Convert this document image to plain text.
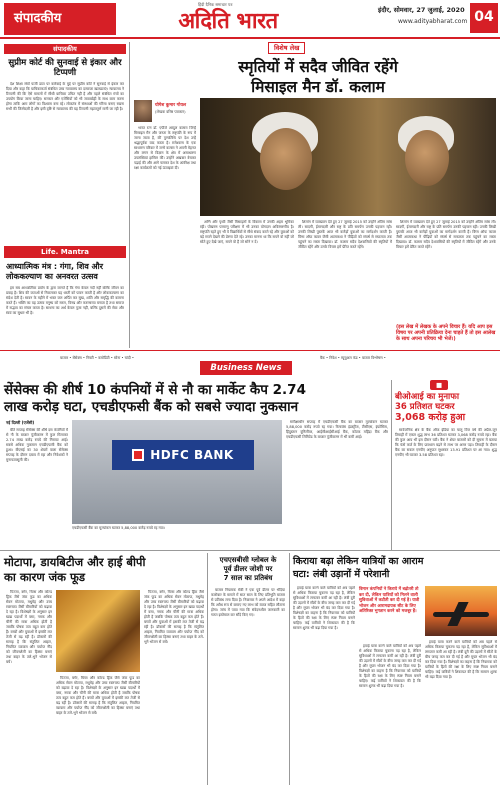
संपादकीय
हिंदी दैनिक समाचार पत्र
अदिति भारत	इंदौर, सोमवार, 27 जुलाई, 2020
www.adityabharat.com 04
संपादकीय
सुप्रीम कोर्ट की सुनवाई से इंकार और टिप्पणी

देश शिक्षा संघों फर्जी डाटा पर कार्रवाई के मुद्दे पर सुप्रीम कोर्ट ने सुनवाई से इंकार कर दिया और कहा कि याचिकाकर्ता संबंधित उच्च न्यायालय का दरवाजा खटखटाएं। न्यायालय ने टिप्पणी की कि ऐसे मामलों में सीधी याचिका उचित नहीं है और पहले संबंधित मंचों का उपयोग किया जाना चाहिए। सरकार और एजेंसियों को भी जवाबदेही के साथ काम करना होगा ताकि आम लोगों का विश्वास बना रहे। लोकतंत्र में संस्थाओं की गरिमा बनाए रखना सभी की जिम्मेदारी है और इसी दृष्टि से न्यायालय की यह टिप्पणी महत्वपूर्ण मानी जा रही है।

Life. Mantra
आध्यात्मिक मंत्र : गंगा, शिव और लोककल्याण का अनवरत उत्सव

हम सब आध्यात्मिक प्रयोग के द्वारा जानते हैं कि गंगा केवल नदी नहीं बल्कि जीवन का प्रवाह है। शिव की जटाओं से निकलकर यह धरती को पावन करती है और लोककल्याण का संदेश देती है। सावन के महीने में भक्त जल अर्पित कर सुख, शांति और समृद्धि की कामना करते हैं। भक्ति का यह उत्सव मनुष्य को सरल, विनम्र और करुणामय बनाता है तथा समाज में सद्भाव का संचार करता है। साधना का अर्थ केवल पूजा नहीं, बल्कि दूसरों की सेवा और स्वयं का सुधार भी है।

विशेष लेख
स्मृतियों में सदैव जीवित रहेंगे
मिसाइल मैन डॉ. कलाम
योगेश कुमार गोयल
(लेखक वरिष्ठ पत्रकार)

भारत रत्न डॉ. एपीजे अब्दुल कलाम जिन्हें मिसाइल मैन और जनता के राष्ट्रपति के रूप में जाना जाता है, की पुण्यतिथि पर देश उन्हें श्रद्धापूर्वक याद करता है। रामेश्वरम के एक साधारण परिवार में जन्मे कलाम ने अपनी मेहनत और लगन से विज्ञान के क्षेत्र में असाधारण उपलब्धियां हासिल कीं। उन्होंने अखबार बेचकर पढ़ाई की और आगे चलकर देश के अंतरिक्ष तथा रक्षा कार्यक्रमों को नई ऊंचाइयां दीं।

अग्नि और पृथ्वी जैसी मिसाइलों के विकास में उनकी अहम भूमिका रही। पोखरण परमाणु परीक्षण में भी उनका योगदान अविस्मरणीय है। राष्ट्रपति रहते हुए भी वे विद्यार्थियों से सीधे संवाद करते रहे और युवाओं को बड़े सपने देखने की प्रेरणा देते रहे। उनका मानना था कि सपने वो नहीं जो सोते हुए देखे जाएं, सपने वो हैं जो सोने न दें।

शिलांग में व्याख्यान देते हुए 27 जुलाई 2015 को उन्होंने अंतिम सांस ली। सादगी, ईमानदारी और राष्ट्र के प्रति समर्पण उनकी पहचान रही। उनकी लिखी पुस्तकें आज भी करोड़ों युवाओं का मार्गदर्शन करती हैं। विंग्स ऑफ फायर जैसी आत्मकथा ने पीढ़ियों को संघर्ष से सफलता तक पहुंचने का रास्ता दिखाया। डॉ. कलाम सदैव देशवासियों की स्मृतियों में जीवित रहेंगे और उनके विचार हमें प्रेरित करते रहेंगे।

शिलांग में व्याख्यान देते हुए 27 जुलाई 2015 को उन्होंने अंतिम सांस ली। सादगी, ईमानदारी और राष्ट्र के प्रति समर्पण उनकी पहचान रही। उनकी लिखी पुस्तकें आज भी करोड़ों युवाओं का मार्गदर्शन करती हैं। विंग्स ऑफ फायर जैसी आत्मकथा ने पीढ़ियों को संघर्ष से सफलता तक पहुंचने का रास्ता दिखाया। डॉ. कलाम सदैव देशवासियों की स्मृतियों में जीवित रहेंगे और उनके विचार हमें प्रेरित करते रहेंगे।

(इस लेख में लेखक के अपने विचार हैं। यदि आप इस विषय पर अपनी प्रतिक्रिया देना चाहते हैं तो इस आलेख के साथ अपना परिचय भी भेजें।)
बाजार • सेंसेक्स • निफ्टी • कमोडिटी • सोना • चांदी •
Business News
बैंक • निवेश • म्यूचुअल फंड • बाजार विश्लेषण •
सेंसेक्स की शीर्ष 10 कंपनियों में से नौ का मार्केट कैप 2.74
लाख करोड़ घटा, एचडीएफसी बैंक को सबसे ज्यादा नुकसान
नई दिल्ली (एजेंसी)

बीते सप्ताह सेंसेक्स की शीर्ष दस कंपनियों में से नौ के बाजार पूंजीकरण में कुल मिलाकर 2.74 लाख करोड़ रुपये की गिरावट आई। सबसे अधिक नुकसान एचडीएफसी बैंक को हुआ। बीएसई का 30 शेयरों वाला सेंसेक्स सप्ताह के दौरान दबाव में रहा और निवेशकों ने मुनाफावसूली की।	HDFC BANK
एचडीएफसी बैंक का मूल्यांकन घटकर 5,88,000 करोड़ रुपये रह गया।

समीक्षाधीन सप्ताह में एचडीएफसी बैंक का बाजार मूल्यांकन घटकर 5,88,000 करोड़ रुपये रह गया। रिलायंस इंडस्ट्रीज, टीसीएस, इंफोसिस, हिंदुस्तान यूनिलीवर, आईसीआईसीआई बैंक, कोटक महिंद्रा बैंक और एचडीएफसी लिमिटेड के बाजार पूंजीकरण में भी कमी आई।

■
बीओआई का मुनाफा
36 प्रतिशत घटकर
3,068 करोड़ हुआ

सार्वजनिक क्षेत्र के बैंक ऑफ इंडिया का चालू वित्त वर्ष की अप्रैल-जून तिमाही में एकल शुद्ध लाभ 36 प्रतिशत घटकर 3,068 करोड़ रुपये रहा। बैंक की कुल आय भी इस दौरान घटी। बैंक ने शेयर बाजारों को दी सूचना में बताया कि फंसे कर्ज के लिए प्रावधान बढ़ने से लाभ पर असर पड़ा। तिमाही के दौरान बैंक का सकल एनपीए अनुपात सुधरकर 13.91 प्रतिशत पर आ गया। शुद्ध एनपीए भी घटकर 3.58 प्रतिशत रहा।

मोटापा, डायबिटीज और हाई बीपी
का कारण जंक फूड

पिज्जा, बर्गर, चिप्स और कोल्ड ड्रिंक जैसे जंक फूड का अधिक सेवन मोटापा, मधुमेह और उच्च रक्तचाप जैसी बीमारियों को बढ़ावा दे रहा है। विशेषज्ञों के अनुसार इन खाद्य पदार्थों में वसा, नमक और चीनी की मात्रा अधिक होती है जबकि पोषक तत्व बहुत कम होते हैं। बच्चों और युवाओं में इसकी लत तेजी से बढ़ रही है। डॉक्टरों की सलाह है कि संतुलित आहार, नियमित व्यायाम और पर्याप्त नींद को जीवनशैली का हिस्सा बनाएं तथा बाहर के तले-भुने भोजन से बचें।

पिज्जा, बर्गर, चिप्स और कोल्ड ड्रिंक जैसे जंक फूड का अधिक सेवन मोटापा, मधुमेह और उच्च रक्तचाप जैसी बीमारियों को बढ़ावा दे रहा है। विशेषज्ञों के अनुसार इन खाद्य पदार्थों में वसा, नमक और चीनी की मात्रा अधिक होती है जबकि पोषक तत्व बहुत कम होते हैं। बच्चों और युवाओं में इसकी लत तेजी से बढ़ रही है। डॉक्टरों की सलाह है कि संतुलित आहार, नियमित व्यायाम और पर्याप्त नींद को जीवनशैली का हिस्सा बनाएं तथा बाहर के तले-भुने भोजन से बचें।

पिज्जा, बर्गर, चिप्स और कोल्ड ड्रिंक जैसे जंक फूड का अधिक सेवन मोटापा, मधुमेह और उच्च रक्तचाप जैसी बीमारियों को बढ़ावा दे रहा है। विशेषज्ञों के अनुसार इन खाद्य पदार्थों में वसा, नमक और चीनी की मात्रा अधिक होती है जबकि पोषक तत्व बहुत कम होते हैं। बच्चों और युवाओं में इसकी लत तेजी से बढ़ रही है। डॉक्टरों की सलाह है कि संतुलित आहार, नियमित व्यायाम और पर्याप्त नींद को जीवनशैली का हिस्सा बनाएं तथा बाहर के तले-भुने भोजन से बचें।

एचएसबीसी ग्लोबल के
पूर्व डीलर जोशी पर
7 साल का प्रतिबंध

बाजार नियामक सेबी ने एक पूर्व डीलर पर भेदिया कारोबार के मामले में सात साल के लिए प्रतिभूति बाजार से प्रतिबंध लगा दिया है। नियामक ने अपने आदेश में कहा कि अवैध रूप से कमाए गए लाभ को ब्याज सहित लौटाना होगा। जांच में पाया गया कि संवेदनशील जानकारी का गलत इस्तेमाल कर सौदे किए गए।

किराया बढ़ा लेकिन यात्रियों का आराम
घटा: लंबी उड़ानों में परेशानी

हवाई यात्रा करने वाले यात्रियों को अब पहले से अधिक किराया चुकाना पड़ रहा है, लेकिन सुविधाओं में लगातार कमी आ रही है। लंबी दूरी की उड़ानों में सीटों के बीच जगह कम कर दी गई है और मुफ्त भोजन भी बंद कर दिया गया है। विशेषज्ञों का कहना है कि नियामक को यात्रियों के हितों की रक्षा के लिए स्पष्ट नियम बनाने चाहिए। कई यात्रियों ने शिकायत की है कि सामान शुल्क भी बढ़ा दिया गया है।

विमान कंपनियों ने किराये में बढ़ोतरी तो कर दी, लेकिन यात्रियों को मिलने वाली सुविधाओं में कटौती कर दी गई है। यात्री भोजन और आरामदायक सीट के लिए अतिरिक्त भुगतान करने को मजबूर हैं।

हवाई यात्रा करने वाले यात्रियों को अब पहले से अधिक किराया चुकाना पड़ रहा है, लेकिन सुविधाओं में लगातार कमी आ रही है। लंबी दूरी की उड़ानों में सीटों के बीच जगह कम कर दी गई है और मुफ्त भोजन भी बंद कर दिया गया है। विशेषज्ञों का कहना है कि नियामक को यात्रियों के हितों की रक्षा के लिए स्पष्ट नियम बनाने चाहिए। कई यात्रियों ने शिकायत की है कि सामान शुल्क भी बढ़ा दिया गया है।

हवाई यात्रा करने वाले यात्रियों को अब पहले से अधिक किराया चुकाना पड़ रहा है, लेकिन सुविधाओं में लगातार कमी आ रही है। लंबी दूरी की उड़ानों में सीटों के बीच जगह कम कर दी गई है और मुफ्त भोजन भी बंद कर दिया गया है। विशेषज्ञों का कहना है कि नियामक को यात्रियों के हितों की रक्षा के लिए स्पष्ट नियम बनाने चाहिए। कई यात्रियों ने शिकायत की है कि सामान शुल्क भी बढ़ा दिया गया है।
